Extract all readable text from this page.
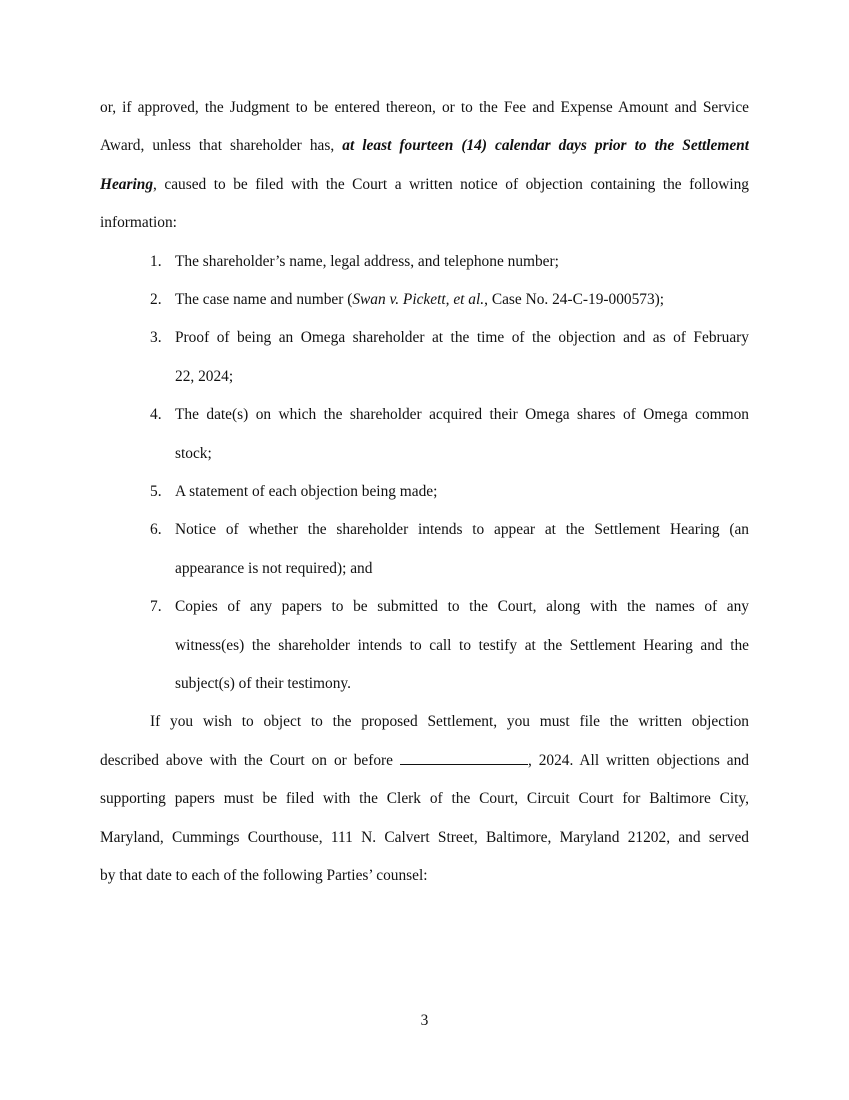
3
or, if approved, the Judgment to be entered thereon, or to the Fee and Expense Amount and Service
Award, unless that shareholder has, at least fourteen (14) calendar days prior to the Settlement
Hearing, caused to be filed with the Court a written notice of objection containing the following
information:
1. The shareholder’s name, legal address, and telephone number;
2. The case name and number (Swan v. Pickett, et al., Case No. 24-C-19-000573);
3. Proof of being an Omega shareholder at the time of the objection and as of February
22, 2024;
4. The date(s) on which the shareholder acquired their Omega shares of Omega common
stock;
5. A statement of each objection being made;
6. Notice of whether the shareholder intends to appear at the Settlement Hearing (an
appearance is not required); and
7. Copies of any papers to be submitted to the Court, along with the names of any
witness(es) the shareholder intends to call to testify at the Settlement Hearing and the
subject(s) of their testimony.
If you wish to object to the proposed Settlement, you must file the written objection
described above with the Court on or before	, 2024. All written objections and
supporting papers must be filed with the Clerk of the Court, Circuit Court for Baltimore City,
Maryland, Cummings Courthouse, 111 N. Calvert Street, Baltimore, Maryland 21202, and served
by that date to each of the following Parties’ counsel:
